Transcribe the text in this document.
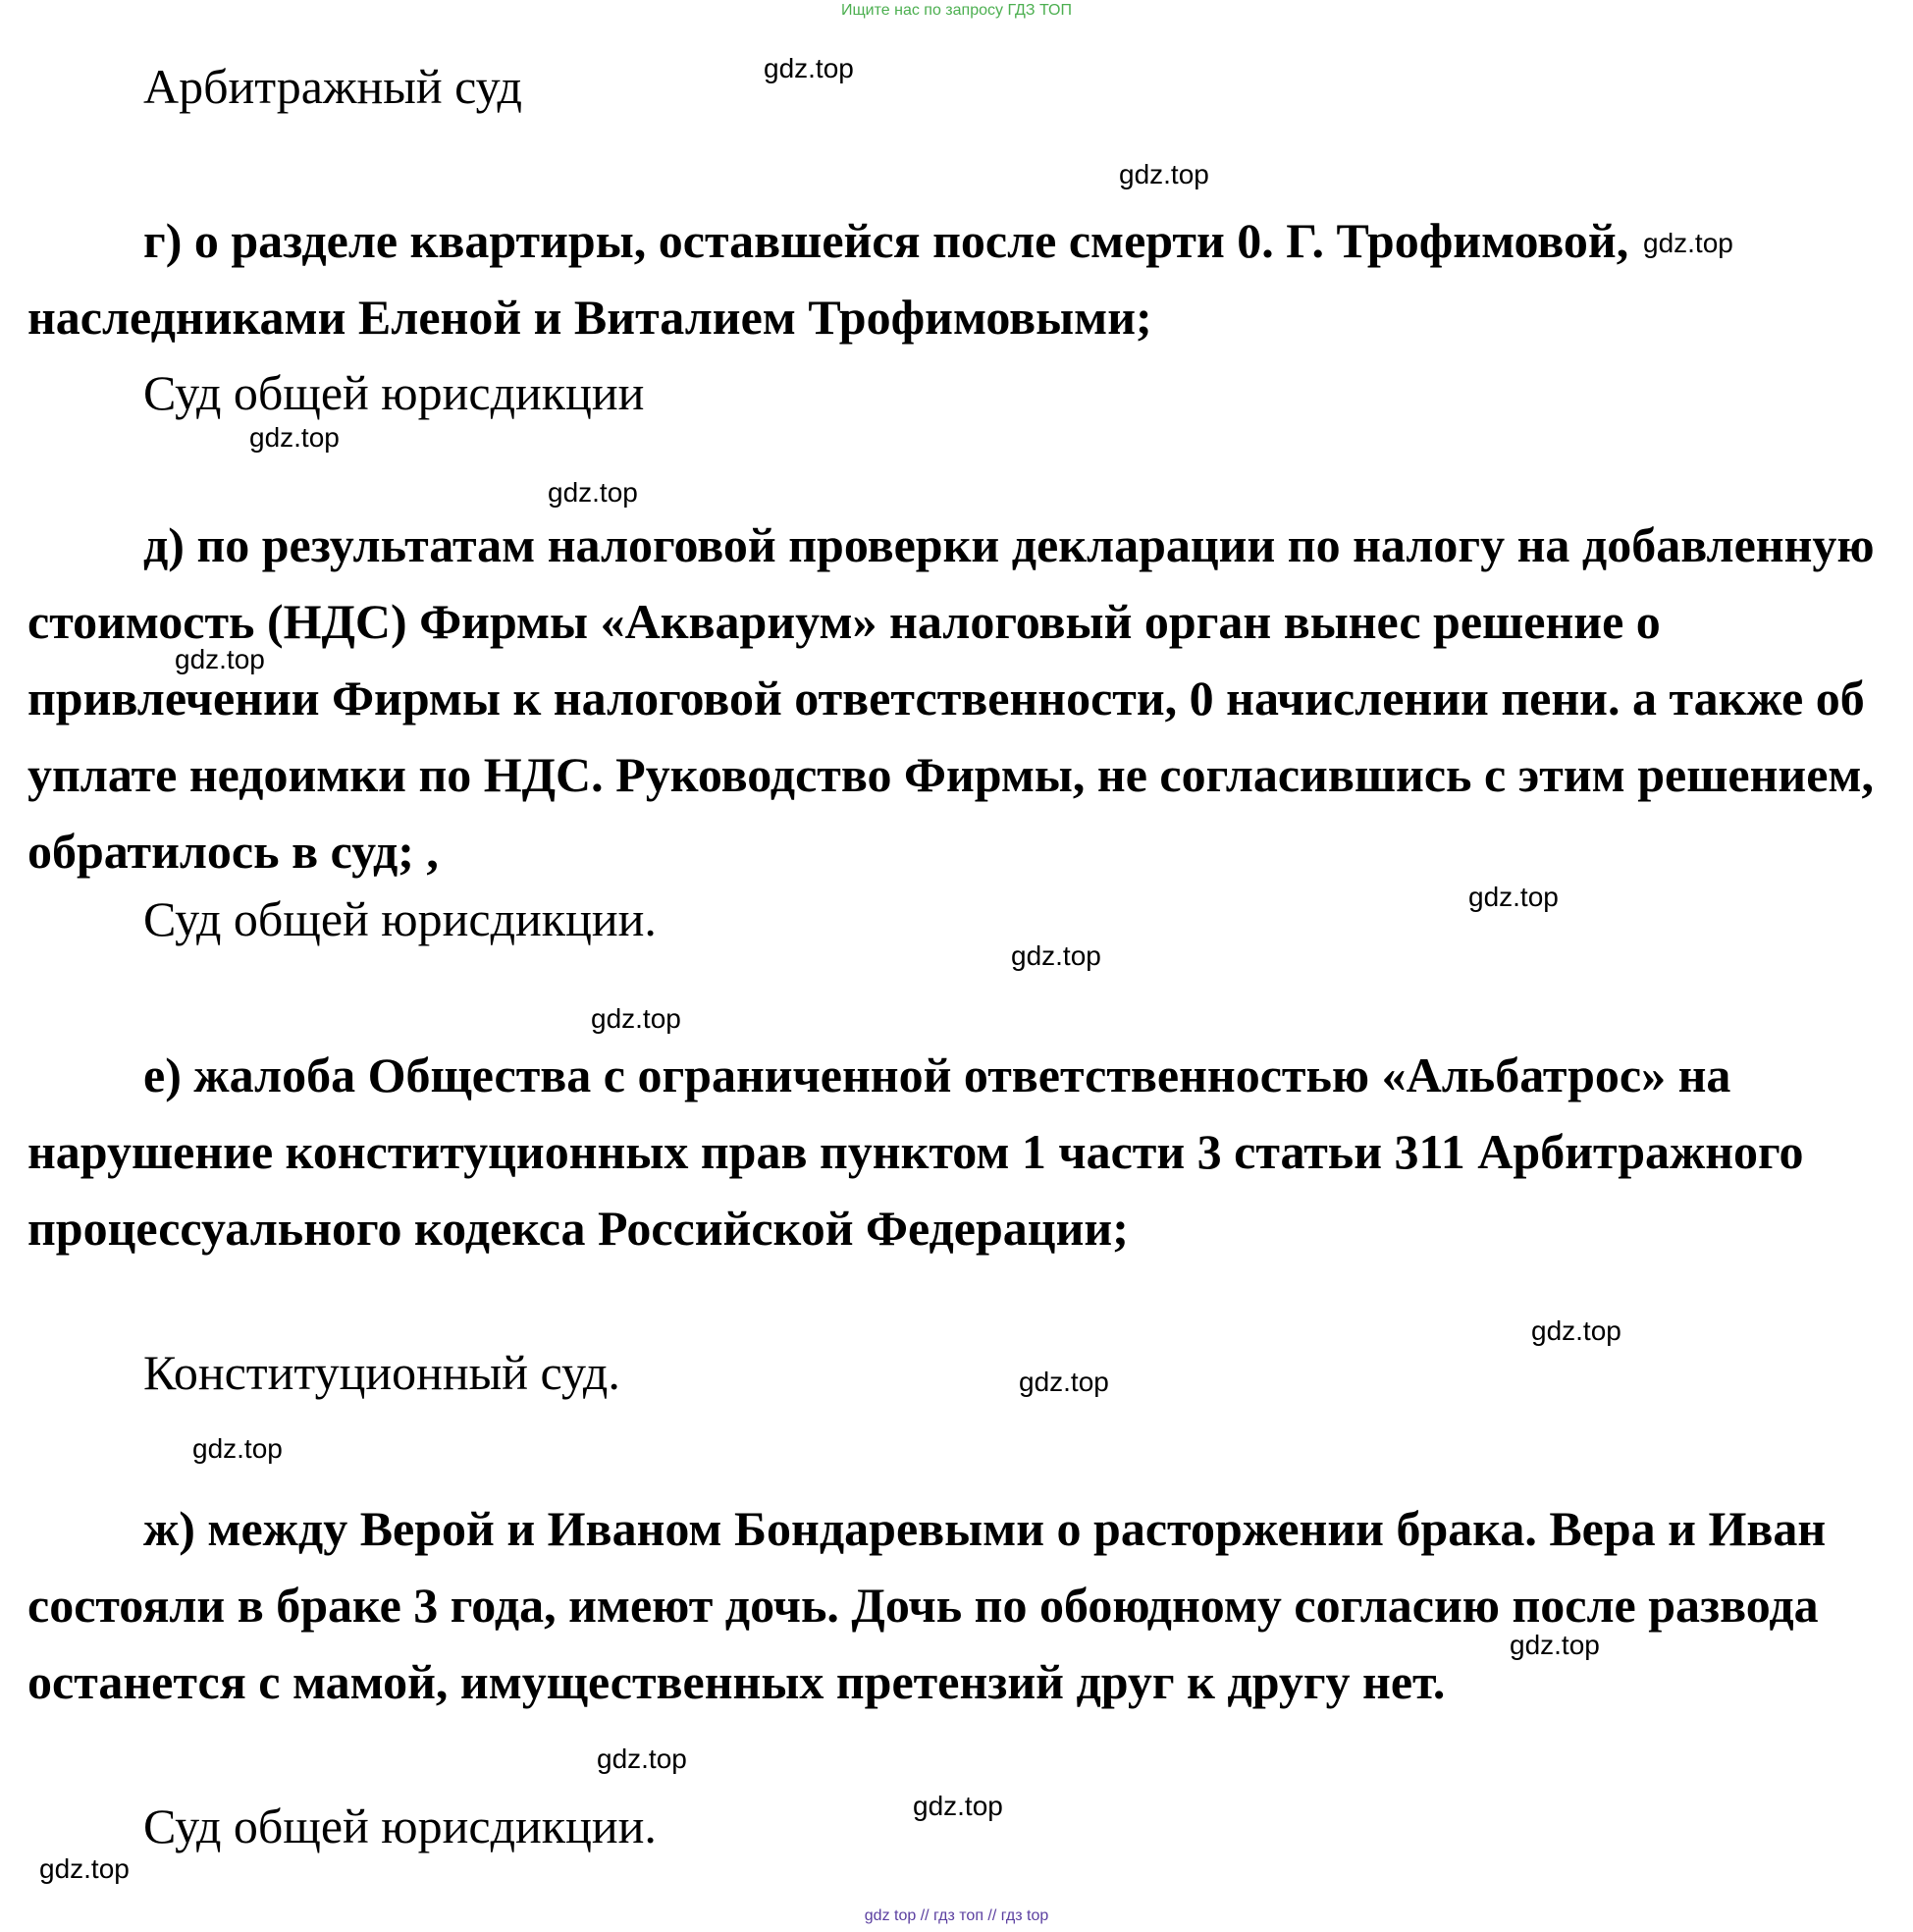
Ищите нас по запросу ГДЗ ТОП
Арбитражный суд
г) о разделе квартиры, оставшейся после смерти 0. Г. Трофимовой, наследниками Еленой и Виталием Трофимовыми;
Суд общей юрисдикции
д) по результатам налоговой проверки декларации по налогу на добавленную стоимость (НДС) Фирмы «Аквариум» налоговый орган вынес решение о привлечении Фирмы к налоговой ответственности, 0 начислении пени. а также об уплате недоимки по НДС. Руководство Фирмы, не согласившись с этим решением, обратилось в суд; ,
Суд общей юрисдикции.
е) жалоба Общества с ограниченной ответственностью «Альбатрос» на нарушение конституционных прав пунктом 1 части 3 статьи 311 Арбитражного процессуального кодекса Российской Федерации;
Конституционный суд.
ж) между Верой и Иваном Бондаревыми о расторжении брака. Вера и Иван состояли в браке 3 года, имеют дочь. Дочь по обоюдному согласию после развода останется с мамой, имущественных претензий друг к другу нет.
Суд общей юрисдикции.
gdz.top
gdz.top
gdz.top
gdz.top
gdz.top
gdz.top
gdz.top
gdz.top
gdz.top
gdz.top
gdz.top
gdz.top
gdz.top
gdz.top
gdz.top
gdz.top
gdz top // гдз топ // гдз top
